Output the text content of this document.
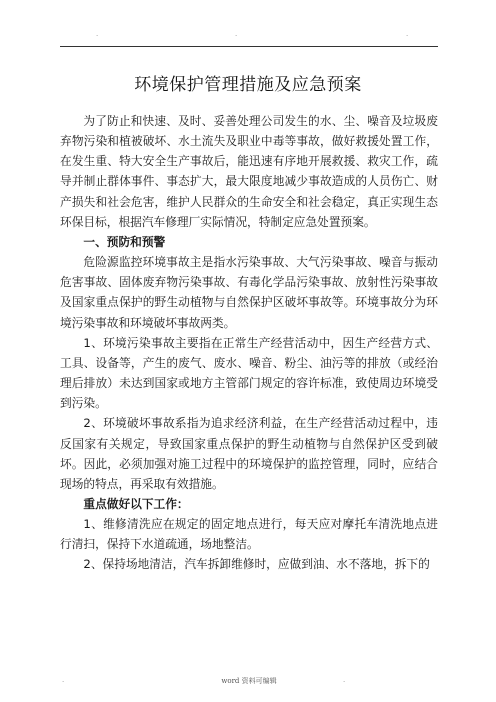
.	.	.
环境保护管理措施及应急预案

为了防止和快速、及时、妥善处理公司发生的水、尘、噪音及垃圾废弃物污染和植被破坏、水土流失及职业中毒等事故，做好救援处置工作，在发生重、特大安全生产事故后，能迅速有序地开展救援、救灾工作，疏导并制止群体事件、事态扩大，最大限度地减少事故造成的人员伤亡、财产损失和社会危害，维护人民群众的生命安全和社会稳定，真正实现生态环保目标，根据汽车修理厂实际情况，特制定应急处置预案。

一、预防和预警

危险源监控环境事故主是指水污染事故、大气污染事故、噪音与振动危害事故、固体废弃物污染事故、有毒化学品污染事故、放射性污染事故及国家重点保护的野生动植物与自然保护区破坏事故等。环境事故分为环境污染事故和环境破坏事故两类。

1、环境污染事故主要指在正常生产经营活动中，因生产经营方式、工具、设备等，产生的废气、废水、噪音、粉尘、油污等的排放（或经治理后排放）未达到国家或地方主管部门规定的容许标准，致使周边环境受到污染。

2、环境破坏事故系指为追求经济利益，在生产经营活动过程中，违反国家有关规定，导致国家重点保护的野生动植物与自然保护区受到破坏。因此，必须加强对施工过程中的环境保护的监控管理，同时，应结合现场的特点，再采取有效措施。

重点做好以下工作：

1、维修清洗应在规定的固定地点进行，每天应对摩托车清洗地点进行清扫，保持下水道疏通，场地整洁。

2、保持场地清洁，汽车拆卸维修时，应做到油、水不落地，拆下的

.	word 资料可编辑	.
